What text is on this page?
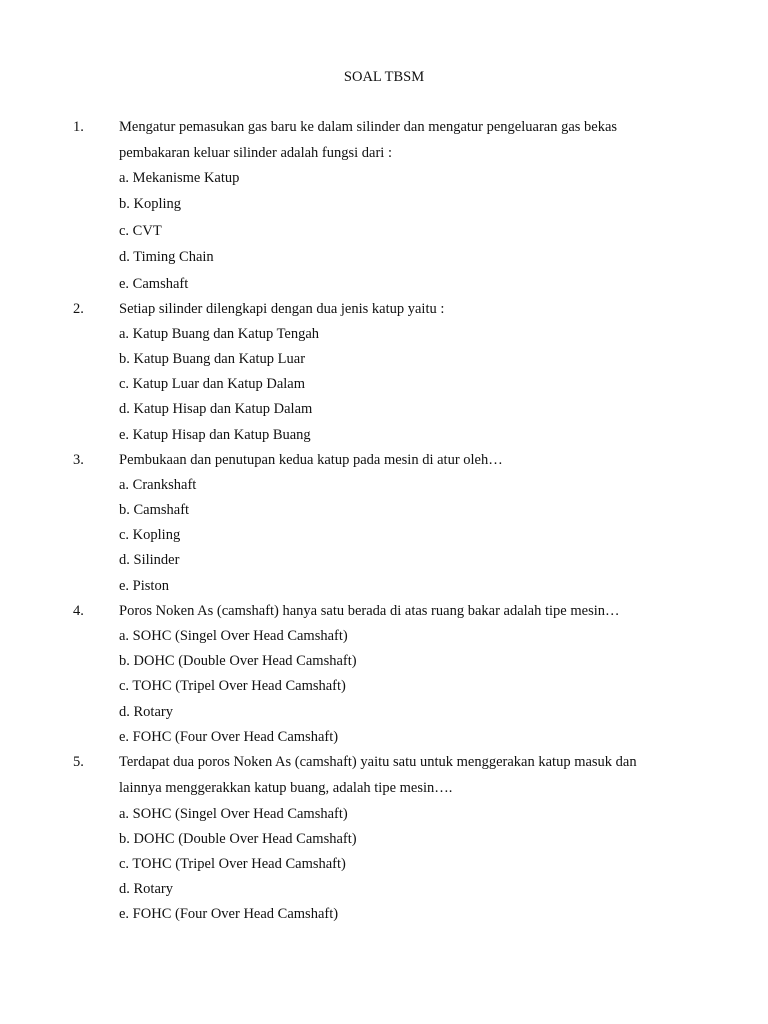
SOAL TBSM
1. Mengatur pemasukan gas baru ke dalam silinder dan mengatur pengeluaran gas bekas
pembakaran keluar silinder adalah fungsi dari :
a. Mekanisme Katup
b. Kopling
c. CVT
d. Timing Chain
e. Camshaft
2. Setiap silinder dilengkapi dengan dua jenis katup yaitu :
a. Katup Buang dan Katup Tengah
b. Katup Buang dan Katup Luar
c. Katup Luar dan Katup Dalam
d. Katup Hisap dan Katup Dalam
e. Katup Hisap dan Katup Buang
3. Pembukaan dan penutupan kedua katup pada mesin di atur oleh…
a. Crankshaft
b. Camshaft
c. Kopling
d. Silinder
e. Piston
4. Poros Noken As (camshaft) hanya satu berada di atas ruang bakar adalah tipe mesin…
a. SOHC (Singel Over Head Camshaft)
b. DOHC (Double Over Head Camshaft)
c. TOHC (Tripel Over Head Camshaft)
d. Rotary
e. FOHC (Four Over Head Camshaft)
5. Terdapat dua poros Noken As (camshaft) yaitu satu untuk menggerakan katup masuk dan
lainnya menggerakkan katup buang, adalah tipe mesin….
a. SOHC (Singel Over Head Camshaft)
b. DOHC (Double Over Head Camshaft)
c. TOHC (Tripel Over Head Camshaft)
d. Rotary
e. FOHC (Four Over Head Camshaft)
